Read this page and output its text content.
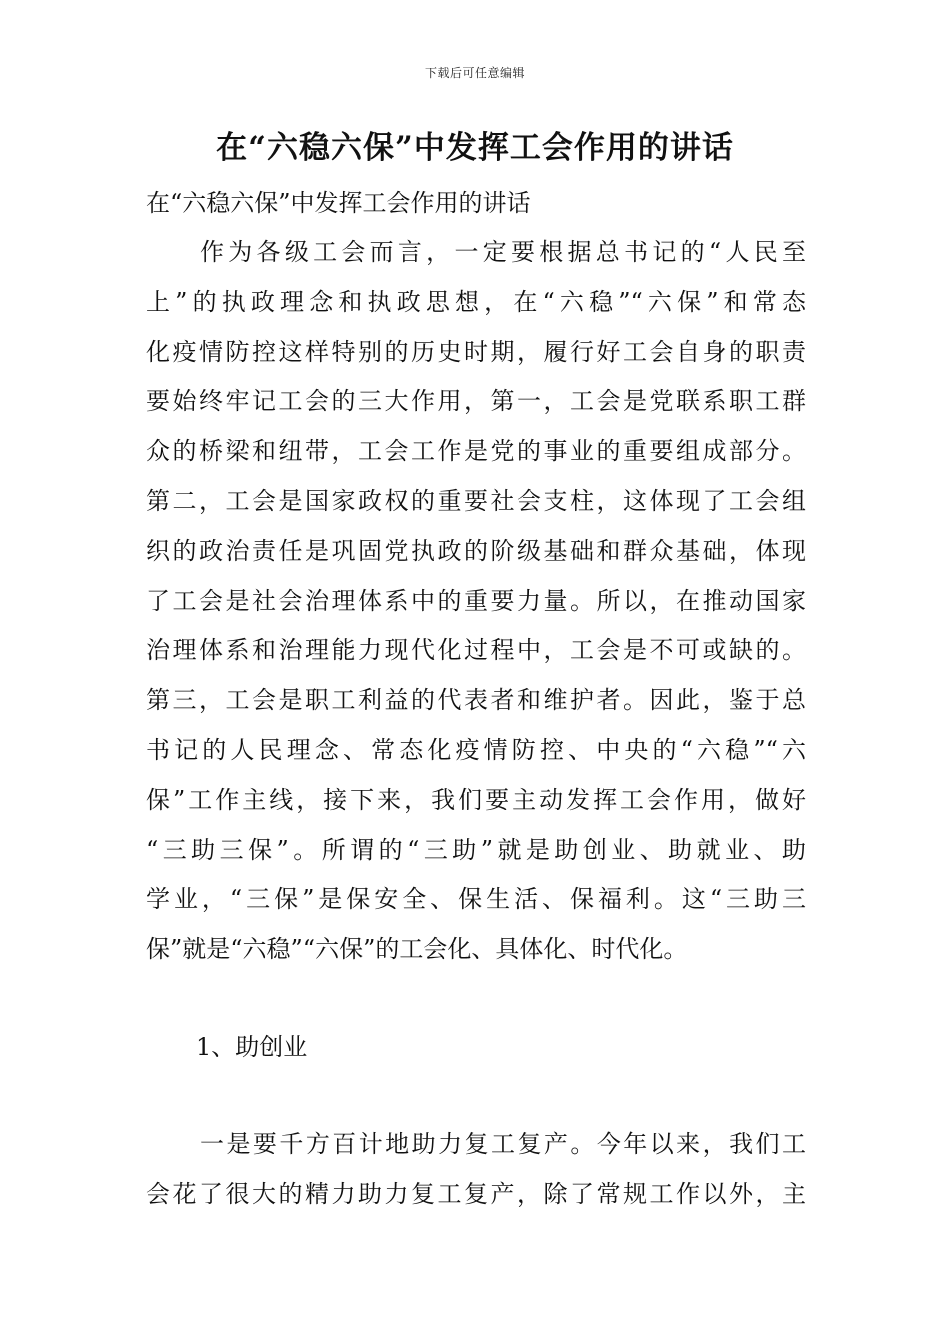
下载后可任意编辑
在“六稳六保”中发挥工会作用的讲话

在“六稳六保”中发挥工会作用的讲话

作为各级工会而言，一定要根据总书记的“人民至
上”的执政理念和执政思想，在“六稳”“六保”和常态
化疫情防控这样特别的历史时期，履行好工会自身的职责
要始终牢记工会的三大作用，第一，工会是党联系职工群
众的桥梁和纽带，工会工作是党的事业的重要组成部分。
第二，工会是国家政权的重要社会支柱，这体现了工会组
织的政治责任是巩固党执政的阶级基础和群众基础，体现
了工会是社会治理体系中的重要力量。所以，在推动国家
治理体系和治理能力现代化过程中，工会是不可或缺的。
第三，工会是职工利益的代表者和维护者。因此，鉴于总
书记的人民理念、常态化疫情防控、中央的“六稳”“六
保”工作主线，接下来，我们要主动发挥工会作用，做好
“三助三保”。所谓的“三助”就是助创业、助就业、助
学业，“三保”是保安全、保生活、保福利。这“三助三
保”就是“六稳”“六保”的工会化、具体化、时代化。

1、助创业

一是要千方百计地助力复工复产。今年以来，我们工
会花了很大的精力助力复工复产，除了常规工作以外，主
